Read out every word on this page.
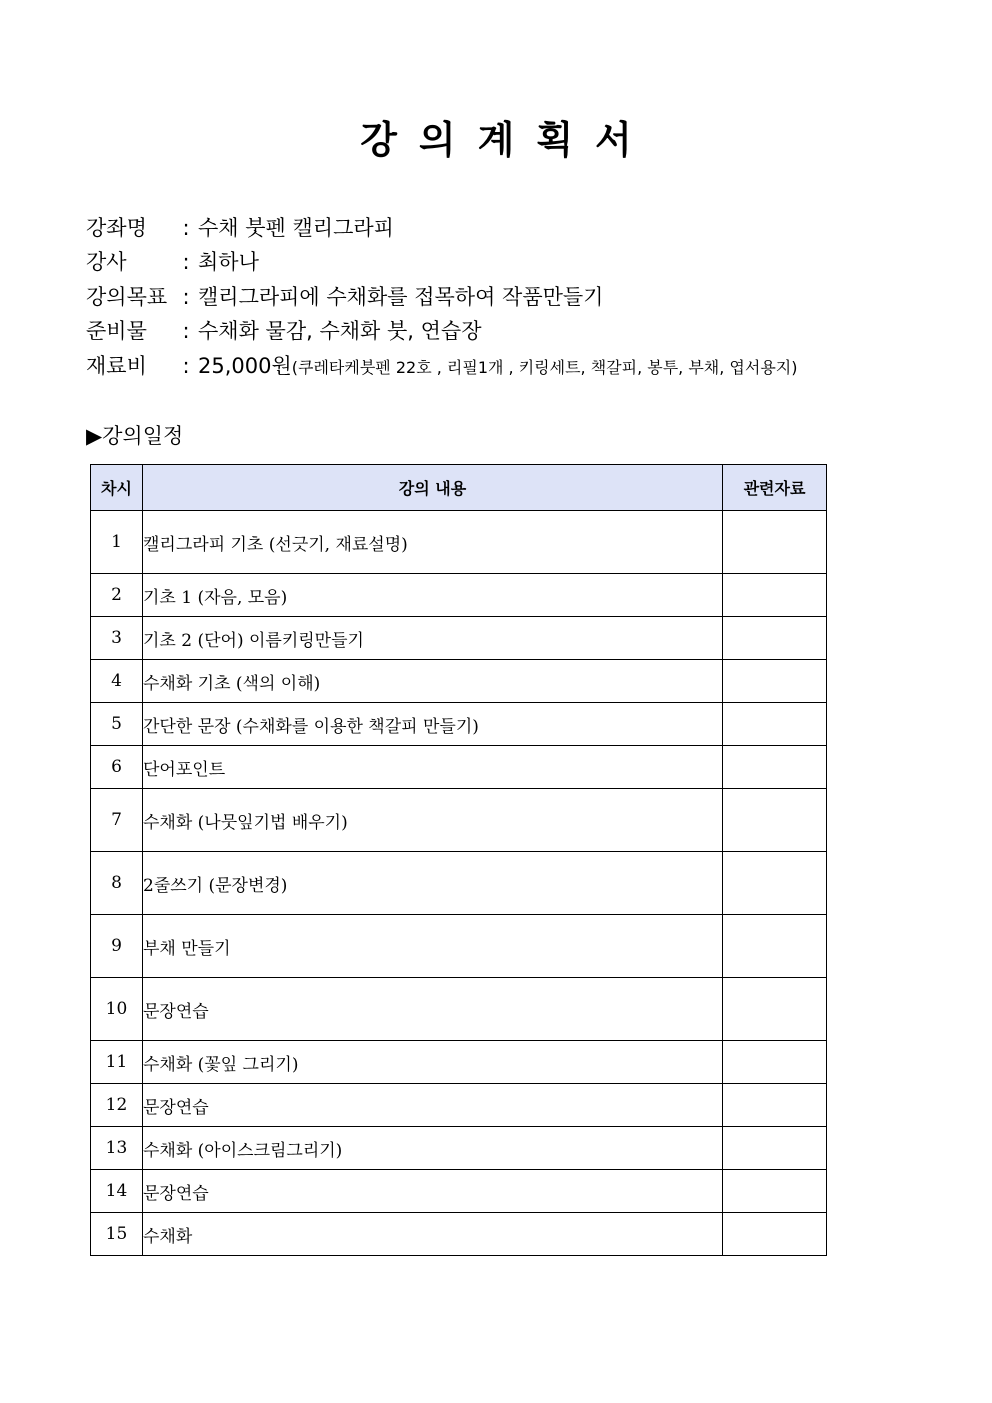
강의계획서
강좌명 : 수채 붓펜 캘리그라피
강사	: 최하나
강의목표 : 캘리그라피에 수채화를 접목하여 작품만들기
준비물 : 수채화 물감, 수채화 붓, 연습장
재료비 : 25,000원(쿠레타케붓펜 22호 , 리필1개 , 키링세트, 책갈피, 봉투, 부채, 엽서용지)
▶강의일정
차시	강의 내용	관련자료
1	캘리그라피 기초 (선긋기, 재료설명)	
2	기초 1 (자음, 모음)	
3	기초 2 (단어) 이름키링만들기	
4	수채화 기초 (색의 이해)	
5	간단한 문장 (수채화를 이용한 책갈피 만들기)	
6	단어포인트	
7	수채화 (나뭇잎기법 배우기)	
8	2줄쓰기 (문장변경)	
9	부채 만들기	
10	문장연습	
11	수채화 (꽃잎 그리기)	
12	문장연습	
13	수채화 (아이스크림그리기)	
14	문장연습	
15	수채화	
